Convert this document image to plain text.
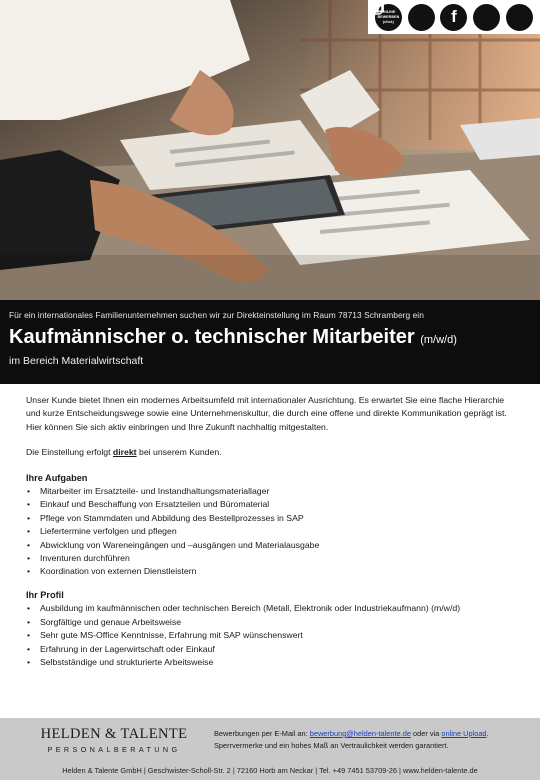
ONLINE
BEWERBEN
(click)	f
Für ein internationales Familienunternehmen suchen wir zur Direkteinstellung im Raum 78713 Schramberg ein
Kaufmännischer o. technischer Mitarbeiter (m/w/d)
im Bereich Materialwirtschaft

Unser Kunde bietet Ihnen ein modernes Arbeitsumfeld mit internationaler Ausrichtung. Es erwartet Sie eine flache Hierarchie und kurze Entscheidungswege sowie eine Unternehmenskultur, die durch eine offene und direkte Kommunikation geprägt ist. Hier können Sie sich aktiv einbringen und Ihre Zukunft nachhaltig mitgestalten.

Die Einstellung erfolgt direkt bei unserem Kunden.

Ihre Aufgaben
• Mitarbeiter im Ersatzteile- und Instandhaltungsmateriallager
• Einkauf und Beschaffung von Ersatzteilen und Büromaterial
• Pflege von Stammdaten und Abbildung des Bestellprozesses in SAP
• Liefertermine verfolgen und pflegen
• Abwicklung von Wareneingängen und –ausgängen und Materialausgabe
• Inventuren durchführen
• Koordination von externen Dienstleistern
Ihr Profil
• Ausbildung im kaufmännischen oder technischen Bereich (Metall, Elektronik oder Industriekaufmann) (m/w/d)
• Sorgfältige und genaue Arbeitsweise
• Sehr gute MS-Office Kenntnisse, Erfahrung mit SAP wünschenswert
• Erfahrung in der Lagerwirtschaft oder Einkauf
• Selbstständige und strukturierte Arbeitsweise
HELDEN & TALENTE
PERSONALBERATUNG
Bewerbungen per E-Mail an: bewerbung@helden-talente.de oder via online Upload.
Sperrvermerke und ein hohes Maß an Vertraulichkeit werden garantiert.
Helden & Talente GmbH | Geschwister-Scholl-Str. 2 | 72160 Horb am Neckar | Tel. +49 7451 53709-26 | www.helden-talente.de
